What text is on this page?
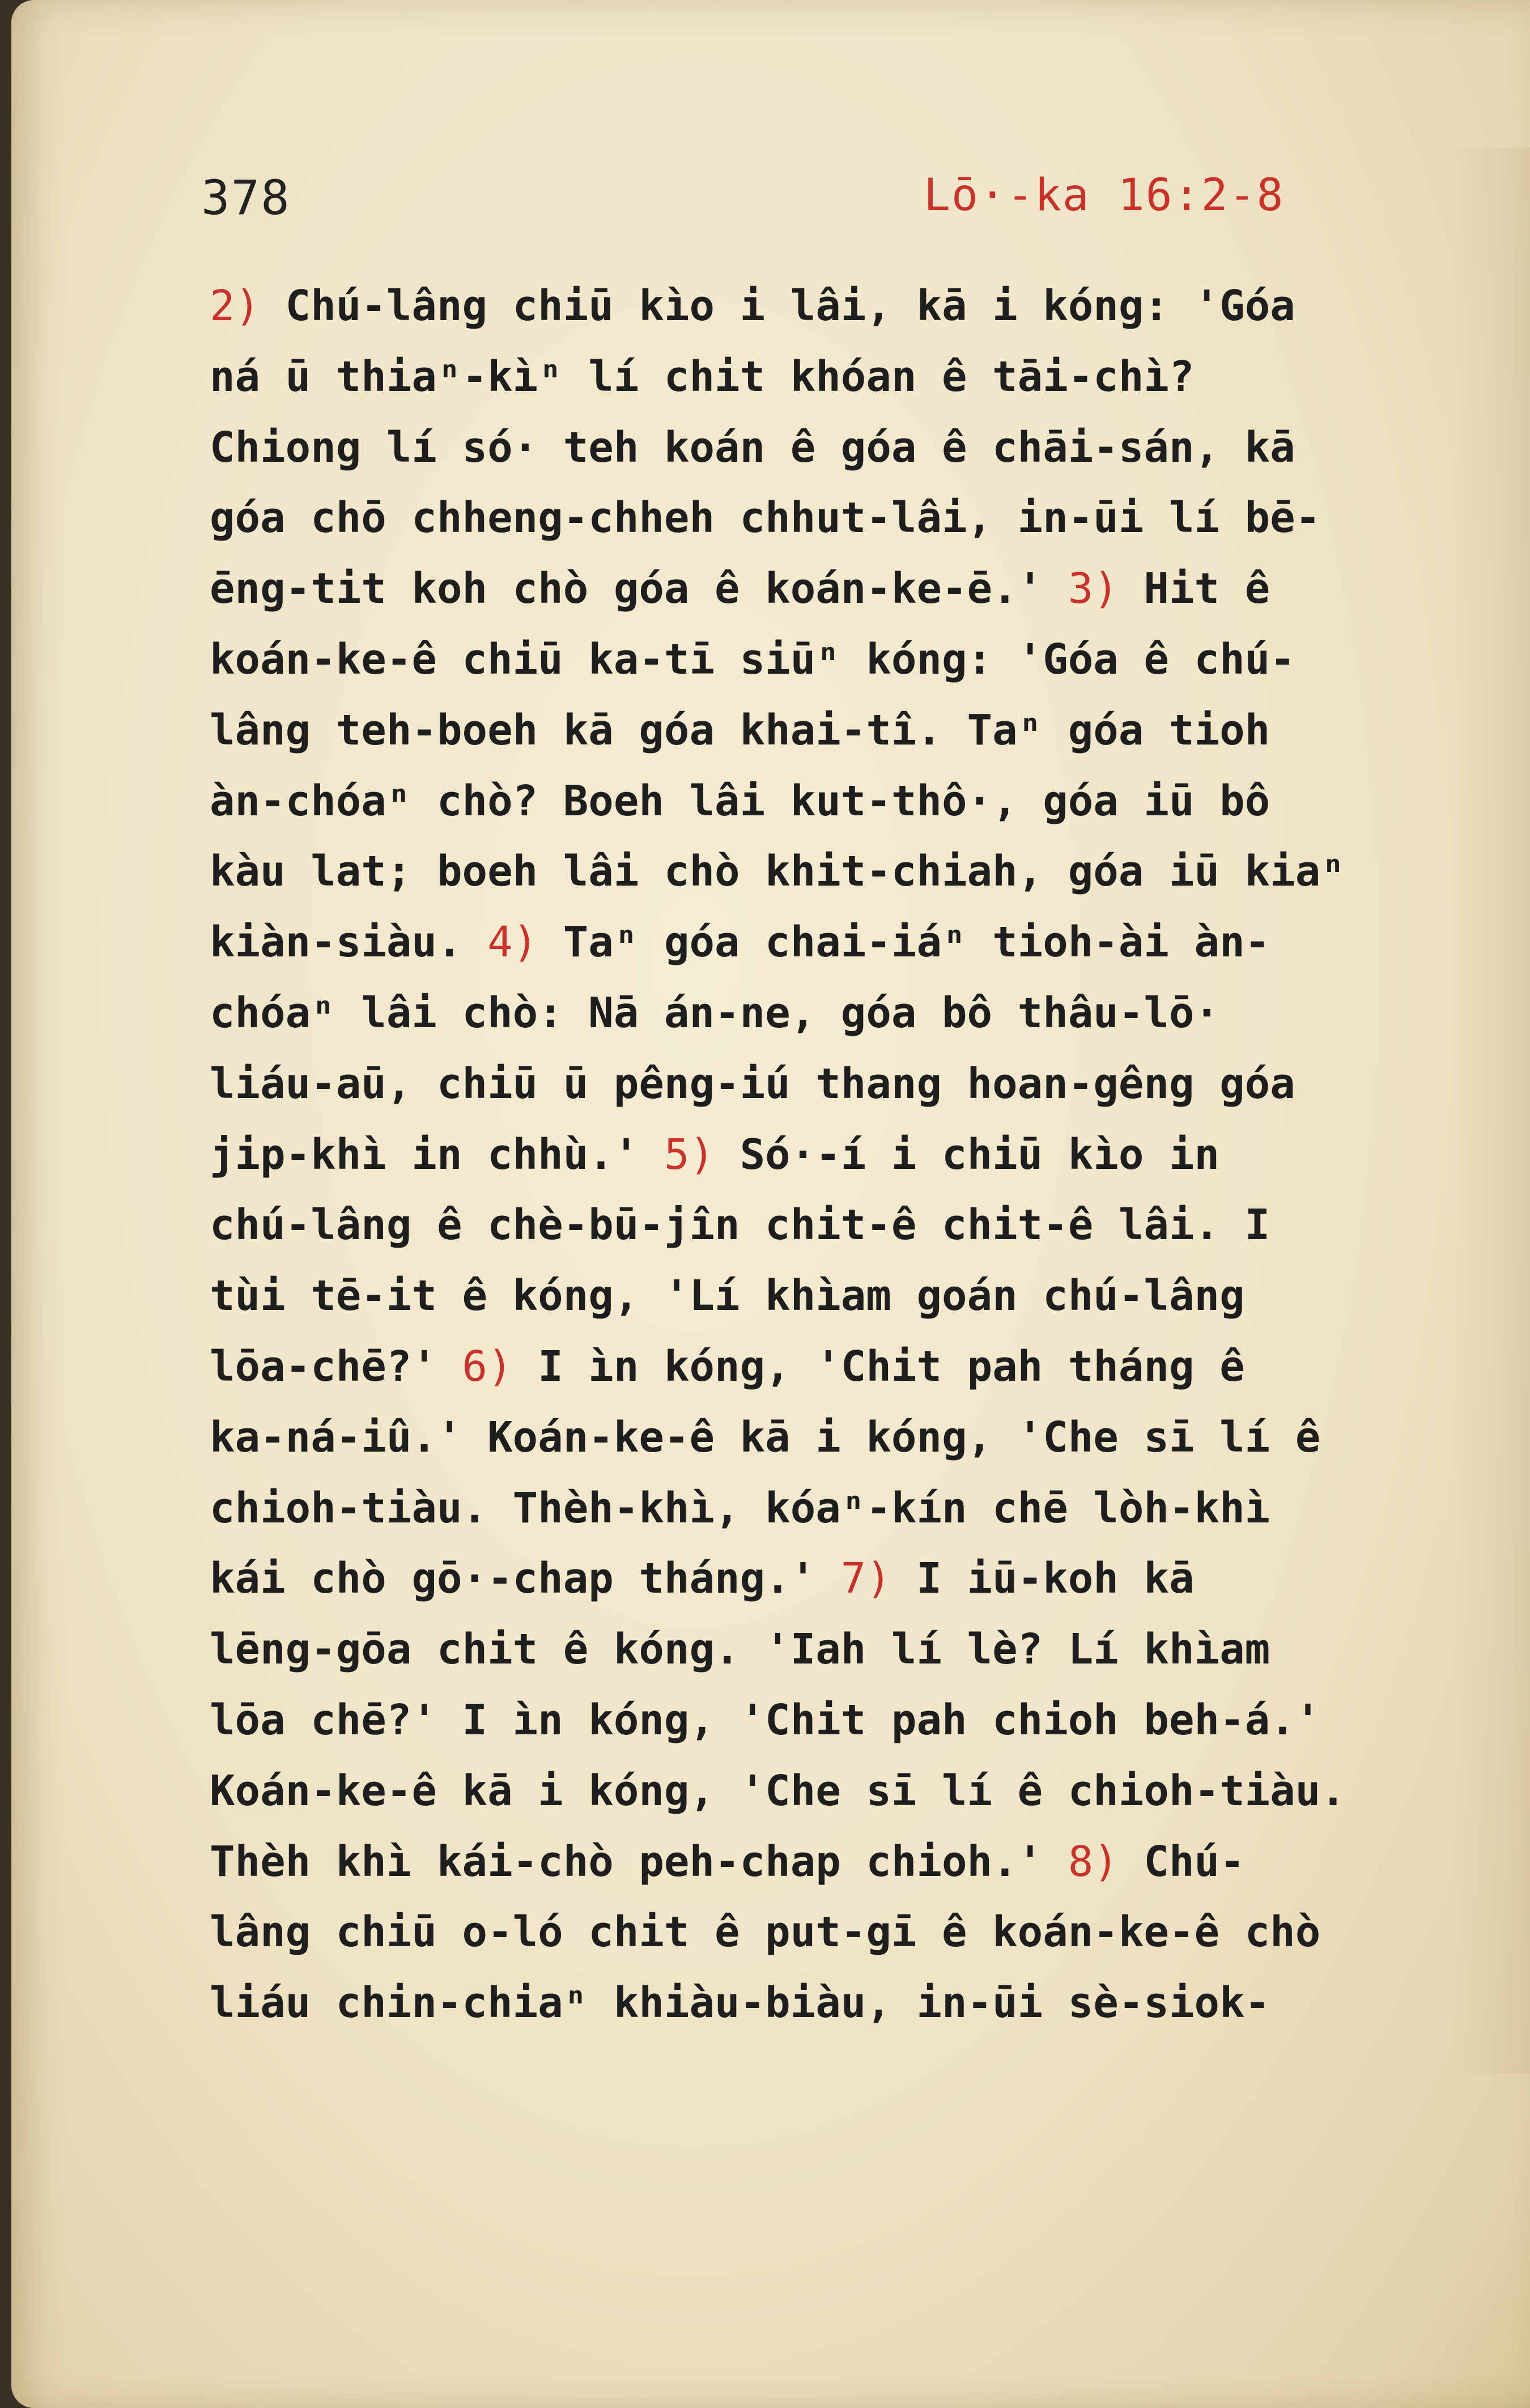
378	Lō·-ka 16:2-8
2) Chú-lâng chiū kìo i lâi, kā i kóng: 'Góa
ná ū thiaⁿ-kìⁿ lí chit khóan ê tāi-chì?
Chiong lí só· teh koán ê góa ê chāi-sán, kā
góa chō chheng-chheh chhut-lâi, in-ūi lí bē-
ēng-tit koh chò góa ê koán-ke-ē.' 3) Hit ê
koán-ke-ê chiū ka-tī siūⁿ kóng: 'Góa ê chú-
lâng teh-boeh kā góa khai-tî. Taⁿ góa tioh
àn-chóaⁿ chò? Boeh lâi kut-thô·, góa iū bô
kàu lat; boeh lâi chò khit-chiah, góa iū kiaⁿ
kiàn-siàu. 4) Taⁿ góa chai-iáⁿ tioh-ài àn-
chóaⁿ lâi chò: Nā án-ne, góa bô thâu-lō·
liáu-aū, chiū ū pêng-iú thang hoan-gêng góa
jip-khì in chhù.' 5) Só·-í i chiū kìo in
chú-lâng ê chè-bū-jîn chit-ê chit-ê lâi. I
tùi tē-it ê kóng, 'Lí khìam goán chú-lâng
lōa-chē?' 6) I ìn kóng, 'Chit pah tháng ê
ka-ná-iû.' Koán-ke-ê kā i kóng, 'Che sī lí ê
chioh-tiàu. Thèh-khì, kóaⁿ-kín chē lòh-khì
kái chò gō·-chap tháng.' 7) I iū-koh kā
lēng-gōa chit ê kóng. 'Iah lí lè? Lí khìam
lōa chē?' I ìn kóng, 'Chit pah chioh beh-á.'
Koán-ke-ê kā i kóng, 'Che sī lí ê chioh-tiàu.
Thèh khì kái-chò peh-chap chioh.' 8) Chú-
lâng chiū o-ló chit ê put-gī ê koán-ke-ê chò
liáu chin-chiaⁿ khiàu-biàu, in-ūi sè-siok-
